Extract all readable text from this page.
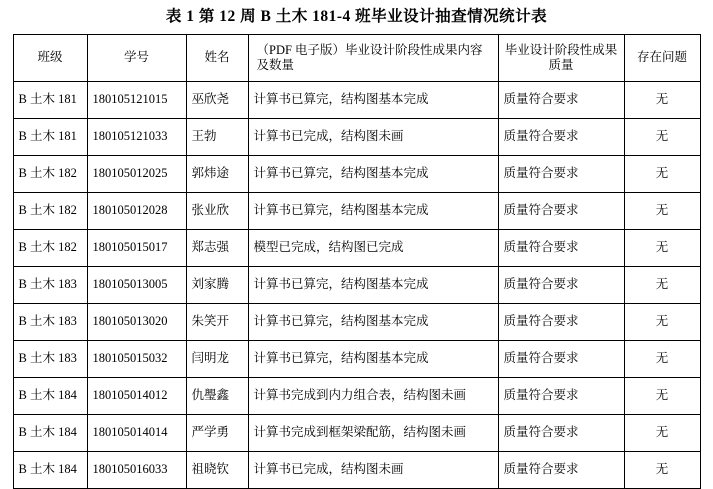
表 1 第 12 周 B 土木 181-4 班毕业设计抽查情况统计表
班级	学号	姓名	（PDF 电子版）毕业设计阶段性成果内容及数量	毕业设计阶段性成果质量	存在问题
B 土木 181	180105121015	巫欣尧	计算书已算完，结构图基本完成	质量符合要求	无
B 土木 181	180105121033	王勃	计算书已完成，结构图未画	质量符合要求	无
B 土木 182	180105012025	郭炜途	计算书已算完，结构图基本完成	质量符合要求	无
B 土木 182	180105012028	张业欣	计算书已算完，结构图基本完成	质量符合要求	无
B 土木 182	180105015017	郑志强	模型已完成，结构图已完成	质量符合要求	无
B 土木 183	180105013005	刘家腾	计算书已算完，结构图基本完成	质量符合要求	无
B 土木 183	180105013020	朱笑开	计算书已算完，结构图基本完成	质量符合要求	无
B 土木 183	180105015032	闫明龙	计算书已算完，结构图基本完成	质量符合要求	无
B 土木 184	180105014012	仇璺鑫	计算书完成到内力组合表，结构图未画	质量符合要求	无
B 土木 184	180105014014	严学勇	计算书完成到框架梁配筋，结构图未画	质量符合要求	无
B 土木 184	180105016033	祖晓钦	计算书已完成，结构图未画	质量符合要求	无
